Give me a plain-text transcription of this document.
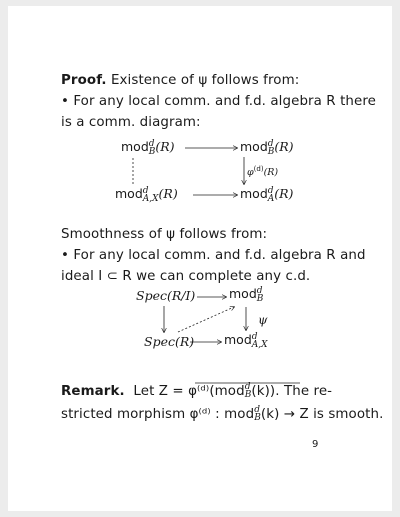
Proof. Existence of ψ follows from:
• For any local comm. and f.d. algebra R there
is a comm. diagram:
mod d
B (R)	mod d
B (R)
$\varphi^{(d)}(R)$
mod d
A,X (R)	mod d
A (R)
Smoothness of ψ follows from:
• For any local comm. and f.d. algebra R and
ideal I ⊂ R we can complete any c.d.
Spec(R/I)	mod d
B
ψ
Spec(R) mod d
A,X
Remark. Let Z = φ⁽ᵈ⁾(mod d
B (k)). The re-
stricted morphism φ⁽ᵈ⁾ : mod d
B (k) → Z is smooth.
9
